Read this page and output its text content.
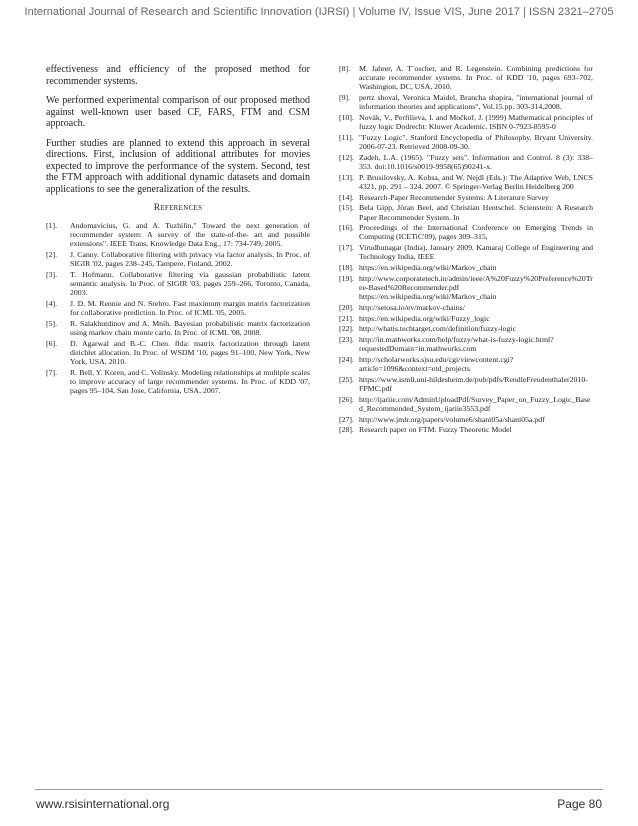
International Journal of Research and Scientific Innovation (IJRSI) | Volume IV, Issue VIS, June 2017 | ISSN 2321–2705

effectiveness and efficiency of the proposed method for recommender systems.

We performed experimental comparison of our proposed method against well-known user based CF, FARS, FTM and CSM approach.

Further studies are planned to extend this approach in several directions. First, inclusion of additional attributes for movies expected to improve the performance of the system. Second, test the FTM approach with additional dynamic datasets and domain applications to see the generalization of the results.

References
[1].	Andomavicius, G. and A. Tuzhilin," Toward the next generation of recommender system: A survey of the state-of-the- art and possible extensions". IEEE Trans, Knowledge Data Eng., 17: 734-749, 2005.
[2].	J. Canny. Collaborative filtering with privacy via factor analysis. In Proc. of SIGIR '02, pages 238–245, Tampere, Finland, 2002.
[3].	T. Hofmann. Collaborative filtering via gaussian probabilistic latent semantic analysis. In Proc. of SIGIR '03, pages 259–266, Toronto, Canada, 2003.
[4].	J. D. M. Rennie and N. Srebro. Fast maximum margin matrix factorization for collaborative prediction. In Proc. of ICML '05, 2005.
[5].	R. Salakhutdinov and A. Mnih. Bayesian probabilistic matrix factorization using markov chain monte carlo. In Proc. of ICML '08, 2008.
[6].	D. Agarwal and B.-C. Chen. flda: matrix factorization through latent dirichlet allocation. In Proc. of WSDM '10, pages 91–100, New York, New York, USA, 2010.
[7].	R. Bell, Y. Koren, and C. Volinsky. Modeling relationships at multiple scales to improve accuracy of large recommender systems. In Proc. of KDD '07, pages 95–104, San Jose, California, USA, 2007.
[8].	M. Jahrer, A. T¨oscher, and R. Legenstein. Combining predictions for accurate recommender systems. In Proc. of KDD '10, pages 693–702, Washington, DC, USA, 2010.
[9].	pertz shoval, Veronica Maidel, Brancha shapira, "international journal of information theories and applications", Vol.15.pp. 303-314,2008.
[10]. Novák, V., Perfilieva, I. and Močkoř, J. (1999) Mathematical principles of fuzzy logic Dodrecht: Kluwer Academic. ISBN 0-7923-8595-0
[11]. "Fuzzy Logic". Stanford Encyclopedia of Philosophy. Bryant University. 2006-07-23. Retrieved 2008-09-30.
[12]. Zadeh, L.A. (1965). "Fuzzy sets". Information and Control. 8 (3): 338–353. doi:10.1016/s0019-9958(65)90241-x.
[13]. P. Brusilovsky, A. Kobsa, and W. Nejdl (Eds.): The Adaptive Web, LNCS 4321, pp. 291 – 324, 2007. © Springer-Verlag Berlin Heidelberg 200
[14]. Research-Paper Recommender Systems: A Literature Survey
[15]. Bela Gipp, Jöran Beel, and Christian Hentschel. Scienstein: A Research Paper Recommender System. In
[16]. Proceedings of the International Conference on Emerging Trends in Computing (ICETiC'09), pages 309–315,
[17]. Virudhunagar (India), January 2009. Kamaraj College of Engineering and Technology India, IEEE
[18]. https://en.wikipedia.org/wiki/Markov_chain
[19]. http://www.corporatetech.in/admin/ieee/A%20Fuzzy%20Preference%20Tree-Based%20Recommender.pdf https://en.wikipedia.org/wiki/Markov_chain
[20]. http://setosa.io/ev/markov-chains/
[21]. https://en.wikipedia.org/wiki/Fuzzy_logic
[22]. http://whatis.techtarget.com/definition/fuzzy-logic
[23]. http://in.mathworks.com/help/fuzzy/what-is-fuzzy-logic.html?requestedDomain=in.mathworks.com
[24]. http://scholarworks.sjsu.edu/cgi/viewcontent.cgi?article=1096&context=etd_projects
[25]. https://www.ismll.uni-hildesheim.de/pub/pdfs/RendleFreudenthaler2010-FPMC.pdf
[26]. http://ijariie.com/AdminUploadPdf/Survey_Paper_on_Fuzzy_Logic_Based_Recommended_System_ijariie3553.pdf
[27]. http://www.jmlr.org/papers/volume6/shani05a/shani05a.pdf
[28]. Research paper on FTM: Fuzzy Theoretic Model
www.rsisinternational.org	Page 80
